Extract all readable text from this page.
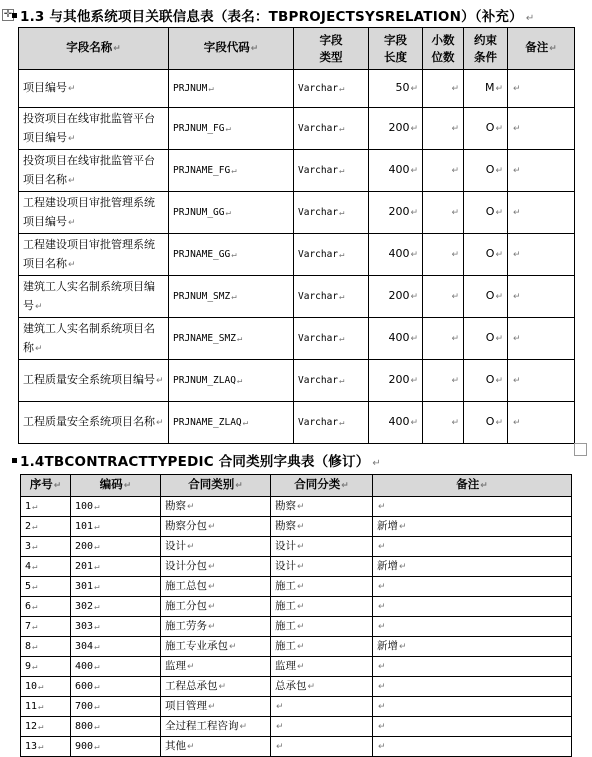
✛ 1.3 与其他系统项目关联信息表（表名：TBPROJECTSYSRELATION）（补充） ↵
字段名称↵	字段代码↵	字段类型	字段长度	小数位数	约束条件	备注↵
项目编号↵	PRJNUM↵	Varchar↵	50↵	↵	M↵	↵
投资项目在线审批监管平台项目编号↵	PRJNUM_FG↵	Varchar↵	200↵	↵	O↵	↵
投资项目在线审批监管平台项目名称↵	PRJNAME_FG↵	Varchar↵	400↵	↵	O↵	↵
工程建设项目审批管理系统项目编号↵	PRJNUM_GG↵	Varchar↵	200↵	↵	O↵	↵
工程建设项目审批管理系统项目名称↵	PRJNAME_GG↵	Varchar↵	400↵	↵	O↵	↵
建筑工人实名制系统项目编号↵	PRJNUM_SMZ↵	Varchar↵	200↵	↵	O↵	↵
建筑工人实名制系统项目名称↵	PRJNAME_SMZ↵	Varchar↵	400↵	↵	O↵	↵
工程质量安全系统项目编号↵	PRJNUM_ZLAQ↵	Varchar↵	200↵	↵	O↵	↵
工程质量安全系统项目名称↵	PRJNAME_ZLAQ↵	Varchar↵	400↵	↵	O↵	↵
1.4TBCONTRACTTYPEDIC 合同类别字典表（修订） ↵
序号↵	编码↵	合同类别↵	合同分类↵	备注↵
1↵	100↵	勘察↵	勘察↵	↵
2↵	101↵	勘察分包↵	勘察↵	新增↵
3↵	200↵	设计↵	设计↵	↵
4↵	201↵	设计分包↵	设计↵	新增↵
5↵	301↵	施工总包↵	施工↵	↵
6↵	302↵	施工分包↵	施工↵	↵
7↵	303↵	施工劳务↵	施工↵	↵
8↵	304↵	施工专业承包↵	施工↵	新增↵
9↵	400↵	监理↵	监理↵	↵
10↵	600↵	工程总承包↵	总承包↵	↵
11↵	700↵	项目管理↵	↵	↵
12↵	800↵	全过程工程咨询↵	↵	↵
13↵	900↵	其他↵	↵	↵
